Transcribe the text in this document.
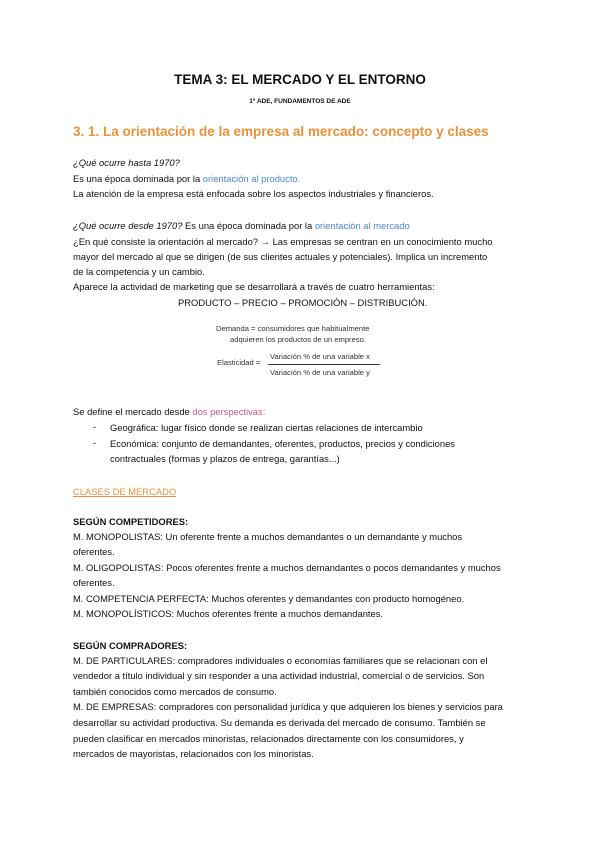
TEMA 3: EL MERCADO Y EL ENTORNO
1º ADE, FUNDAMENTOS DE ADE
3. 1. La orientación de la empresa al mercado: concepto y clases
¿Qué ocurre hasta 1970?
Es una época dominada por la orientación al producto.
La atención de la empresa está enfocada sobre los aspectos industriales y financieros.
¿Qué ocurre desde 1970? Es una época dominada por la orientación al mercado
¿En qué consiste la orientación al mercado? → Las empresas se centran en un conocimiento mucho
mayor del mercado al que se dirigen (de sus clientes actuales y potenciales). Implica un incremento
de la competencia y un cambio.
Aparece la actividad de marketing que se desarrollará a través de cuatro herramientas:
PRODUCTO – PRECIO – PROMOCIÓN – DISTRIBUCIÓN.
Demanda = consumidores que habitualmente
adquieren los productos de un empreso.
Elasticidad =
Variación % de una variable x
Variación % de una variable y
Se define el mercado desde dos perspectivas:
- Geográfica: lugar físico donde se realizan ciertas relaciones de intercambio
- Económica: conjunto de demandantes, oferentes, productos, precios y condiciones
contractuales (formas y plazos de entrega, garantías...)
CLASES DE MERCADO
SEGÚN COMPETIDORES:
M. MONOPOLISTAS: Un oferente frente a muchos demandantes o un demandante y muchos
oferentes.
M. OLIGOPOLISTAS: Pocos oferentes frente a muchos demandantes o pocos demandantes y muchos
oferentes.
M. COMPETENCIA PERFECTA: Muchos oferentes y demandantes con producto homogéneo.
M. MONOPOLÍSTICOS: Muchos oferentes frente a muchos demandantes.
SEGÚN COMPRADORES:
M. DE PARTICULARES: compradores individuales o economías familiares que se relacionan con el
vendedor a título individual y sin responder a una actividad industrial, comercial o de servicios. Son
también conocidos como mercados de consumo.
M. DE EMPRESAS: compradores con personalidad jurídica y que adquieren los bienes y servicios para
desarrollar su actividad productiva. Su demanda es derivada del mercado de consumo. También se
pueden clasificar en mercados minoristas, relacionados directamente con los consumidores, y
mercados de mayoristas, relacionados con los minoristas.
